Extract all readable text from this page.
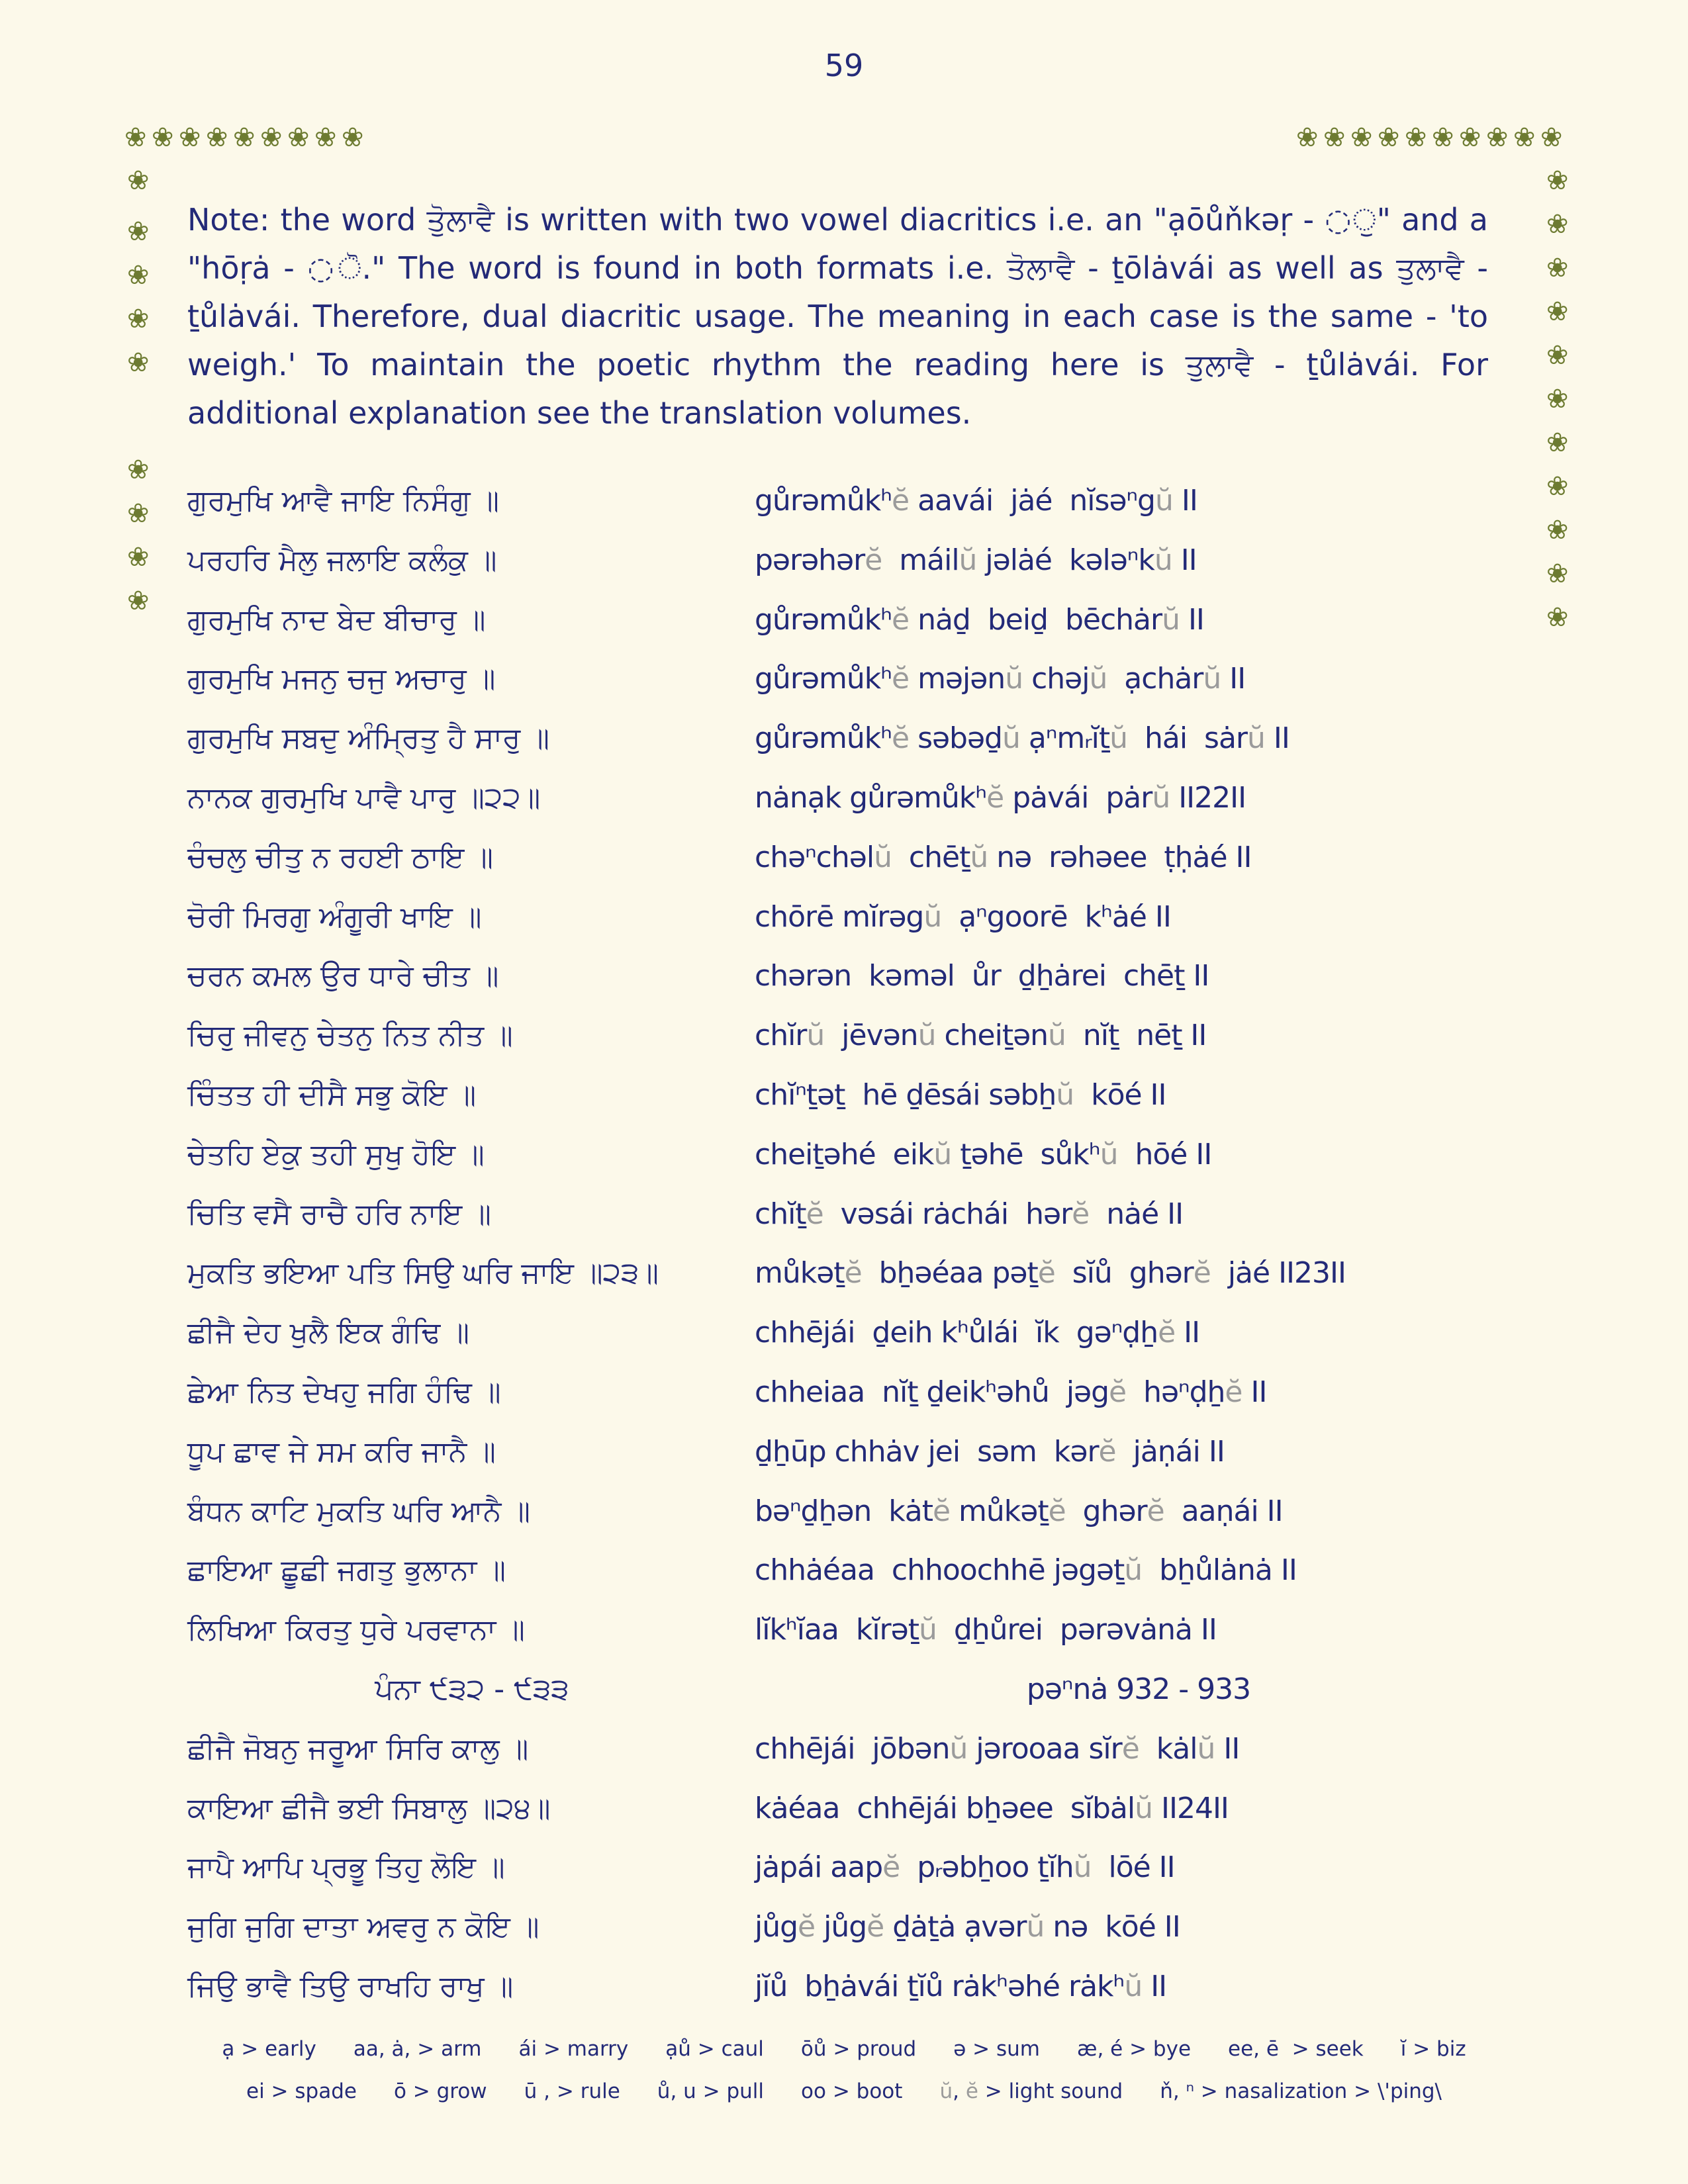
59
Note: the word ਤੋੁਲਾਵੈ is written with two vowel diacritics i.e. an "ạōůňkəṛ - ◌ੁ" and a "hōṛȧ - ◌ੋ." The word is found in both formats i.e. ਤੋਲਾਵੈ - ṯōlȧvái as well as ਤੁਲਾਵੈ - ṯůlȧvái. Therefore, dual diacritic usage. The meaning in each case is the same - 'to weigh.' To maintain the poetic rhythm the reading here is ਤੁਲਾਵੈ - ṯůlȧvái. For additional explanation see the translation volumes.
ਗੁਰਮੁਖਿ ਆਵੈ ਜਾਇ ਨਿਸੰਗੁ ॥	gůrəmůkʰĕ aavái  jȧé  nĭsəⁿgŭ II
ਪਰਹਰਿ ਮੈਲੁ ਜਲਾਇ ਕਲੰਕੁ ॥	pərəhərĕ  máilŭ jəlȧé  kələⁿkŭ II
ਗੁਰਮੁਖਿ ਨਾਦ ਬੇਦ ਬੀਚਾਰੁ ॥	gůrəmůkʰĕ nȧḏ  beiḏ  bēchȧrŭ II
ਗੁਰਮੁਖਿ ਮਜਨੁ ਚਜੁ ਅਚਾਰੁ ॥	gůrəmůkʰĕ məjənŭ chəjŭ  ạchȧrŭ II
ਗੁਰਮੁਖਿ ਸਬਦੁ ਅੰਮ੍ਰਿਤੁ ਹੈ ਸਾਰੁ ॥	gůrəmůkʰĕ səbəḏŭ ạⁿmᵣĭṯŭ  hái  sȧrŭ II
ਨਾਨਕ ਗੁਰਮੁਖਿ ਪਾਵੈ ਪਾਰੁ ॥੨੨॥	nȧnạk gůrəmůkʰĕ pȧvái  pȧrŭ II22II
ਚੰਚਲੁ ਚੀਤੁ ਨ ਰਹਈ ਠਾਇ ॥	chəⁿchəlŭ  chēṯŭ nə  rəhəee  ṭḥȧé II
ਚੋਰੀ ਮਿਰਗੁ ਅੰਗੂਰੀ ਖਾਇ ॥	chōrē mĭrəgŭ  ạⁿgoorē  kʰȧé II
ਚਰਨ ਕਮਲ ਉਰ ਧਾਰੇ ਚੀਤ ॥	chərən  kəməl  ůr  ḏẖȧrei  chēṯ II
ਚਿਰੁ ਜੀਵਨੁ ਚੇਤਨੁ ਨਿਤ ਨੀਤ ॥	chĭrŭ  jēvənŭ cheiṯənŭ  nĭṯ  nēṯ II
ਚਿੰਤਤ ਹੀ ਦੀਸੈ ਸਭੁ ਕੋਇ ॥	chĭⁿṯəṯ  hē ḏēsái səbẖŭ  kōé II
ਚੇਤਹਿ ਏਕੁ ਤਹੀ ਸੁਖੁ ਹੋਇ ॥	cheiṯəhé  eikŭ ṯəhē  sůkʰŭ  hōé II
ਚਿਤਿ ਵਸੈ ਰਾਚੈ ਹਰਿ ਨਾਇ ॥	chĭṯĕ  vəsái rȧchái  hərĕ  nȧé II
ਮੁਕਤਿ ਭਇਆ ਪਤਿ ਸਿਉ ਘਰਿ ਜਾਇ ॥੨੩॥	můkəṯĕ  bẖəéaa pəṯĕ  sĭů  ghərĕ  jȧé II23II
ਛੀਜੈ ਦੇਹ ਖੁਲੈ ਇਕ ਗੰਢਿ ॥	chhējái  ḏeih kʰůlái  ĭk  gəⁿḍẖĕ II
ਛੇਆ ਨਿਤ ਦੇਖਹੁ ਜਗਿ ਹੰਢਿ ॥	chheiaa  nĭṯ ḏeikʰəhů  jəgĕ  həⁿḍẖĕ II
ਧੂਪ ਛਾਵ ਜੇ ਸਮ ਕਰਿ ਜਾਨੈ ॥	ḏẖūp chhȧv jei  səm  kərĕ  jȧṇái II
ਬੰਧਨ ਕਾਟਿ ਮੁਕਤਿ ਘਰਿ ਆਨੈ ॥	bəⁿḏẖən  kȧtĕ můkəṯĕ  ghərĕ  aaṇái II
ਛਾਇਆ ਛੂਛੀ ਜਗਤੁ ਭੁਲਾਨਾ ॥	chhȧéaa  chhoochhē jəgəṯŭ  bẖůlȧnȧ II
ਲਿਖਿਆ ਕਿਰਤੁ ਧੁਰੇ ਪਰਵਾਨਾ ॥	lĭkʰĭaa  kĭrəṯŭ  ḏẖůrei  pərəvȧnȧ II
ਪੰਨਾ ੯੩੨ - ੯੩੩	pəⁿnȧ 932 - 933
ਛੀਜੈ ਜੋਬਨੁ ਜਰੂਆ ਸਿਰਿ ਕਾਲੁ ॥	chhējái  jōbənŭ jərooaa sĭrĕ  kȧlŭ II
ਕਾਇਆ ਛੀਜੈ ਭਈ ਸਿਬਾਲੁ ॥੨੪॥	kȧéaa  chhējái bẖəee  sĭbȧlŭ II24II
ਜਾਪੈ ਆਪਿ ਪ੍ਰਭੂ ਤਿਹੁ ਲੋਇ ॥	jȧpái aapĕ  pᵣəbẖoo ṯĭhŭ  lōé II
ਜੁਗਿ ਜੁਗਿ ਦਾਤਾ ਅਵਰੁ ਨ ਕੋਇ ॥	jůgĕ jůgĕ ḏȧṯȧ ạvərŭ nə  kōé II
ਜਿਉ ਭਾਵੈ ਤਿਉ ਰਾਖਹਿ ਰਾਖੁ ॥	jĭů  bẖȧvái ṯĭů rȧkʰəhé rȧkʰŭ II
ạ > early aa, ȧ, > arm ái > marry ạů > caul ōů > proud ə > sum æ, é > bye ee, ē  > seek ĭ > biz
ei > spade ō > grow ū , > rule ů, u > pull oo > boot ŭ, ĕ > light sound ň, ⁿ > nasalization > \'ping\
❀ ❀ ❀ ❀ ❀ ❀ ❀ ❀ ❀	❀ ❀ ❀ ❀ ❀ ❀ ❀ ❀ ❀ ❀
❀
❀
❀
❀
❀
❀
❀
❀
❀
❀
❀
❀
❀
❀
❀
❀
❀
❀
❀
❀
